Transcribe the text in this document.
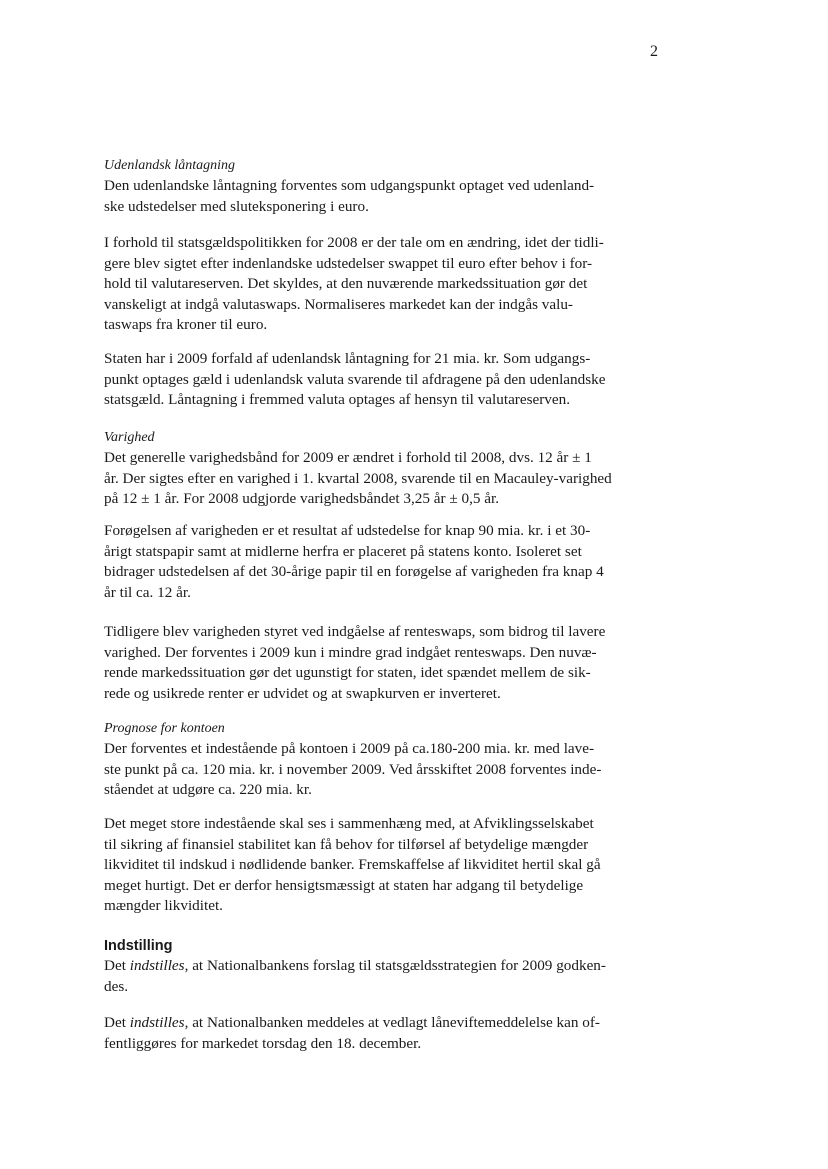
2
Udenlandsk låntagning
Den udenlandske låntagning forventes som udgangspunkt optaget ved udenland-
ske udstedelser med sluteksponering i euro.
I forhold til statsgældspolitikken for 2008 er der tale om en ændring, idet der tidli-
gere blev sigtet efter indenlandske udstedelser swappet til euro efter behov i for-
hold til valutareserven. Det skyldes, at den nuværende markedssituation gør det
vanskeligt at indgå valutaswaps. Normaliseres markedet kan der indgås valu-
taswaps fra kroner til euro.
Staten har i 2009 forfald af udenlandsk låntagning for 21 mia. kr. Som udgangs-
punkt optages gæld i udenlandsk valuta svarende til afdragene på den udenlandske
statsgæld. Låntagning i fremmed valuta optages af hensyn til valutareserven.
Varighed
Det generelle varighedsbånd for 2009 er ændret i forhold til 2008, dvs. 12 år ± 1
år. Der sigtes efter en varighed i 1. kvartal 2008, svarende til en Macauley-varighed
på 12 ± 1 år. For 2008 udgjorde varighedsbåndet 3,25 år ± 0,5 år.
Forøgelsen af varigheden er et resultat af udstedelse for knap 90 mia. kr. i et 30-
årigt statspapir samt at midlerne herfra er placeret på statens konto. Isoleret set
bidrager udstedelsen af det 30-årige papir til en forøgelse af varigheden fra knap 4
år til ca. 12 år.
Tidligere blev varigheden styret ved indgåelse af renteswaps, som bidrog til lavere
varighed. Der forventes i 2009 kun i mindre grad indgået renteswaps. Den nuvæ-
rende markedssituation gør det ugunstigt for staten, idet spændet mellem de sik-
rede og usikrede renter er udvidet og at swapkurven er inverteret.
Prognose for kontoen
Der forventes et indestående på kontoen i 2009 på ca.180-200 mia. kr. med lave-
ste punkt på ca. 120 mia. kr. i november 2009. Ved årsskiftet 2008 forventes inde-
ståendet at udgøre ca. 220 mia. kr.
Det meget store indestående skal ses i sammenhæng med, at Afviklingsselskabet
til sikring af finansiel stabilitet kan få behov for tilførsel af betydelige mængder
likviditet til indskud i nødlidende banker. Fremskaffelse af likviditet hertil skal gå
meget hurtigt. Det er derfor hensigtsmæssigt at staten har adgang til betydelige
mængder likviditet.
Indstilling
Det indstilles, at Nationalbankens forslag til statsgældsstrategien for 2009 godken-
des.
Det indstilles, at Nationalbanken meddeles at vedlagt låneviftemeddelelse kan of-
fentliggøres for markedet torsdag den 18. december.
